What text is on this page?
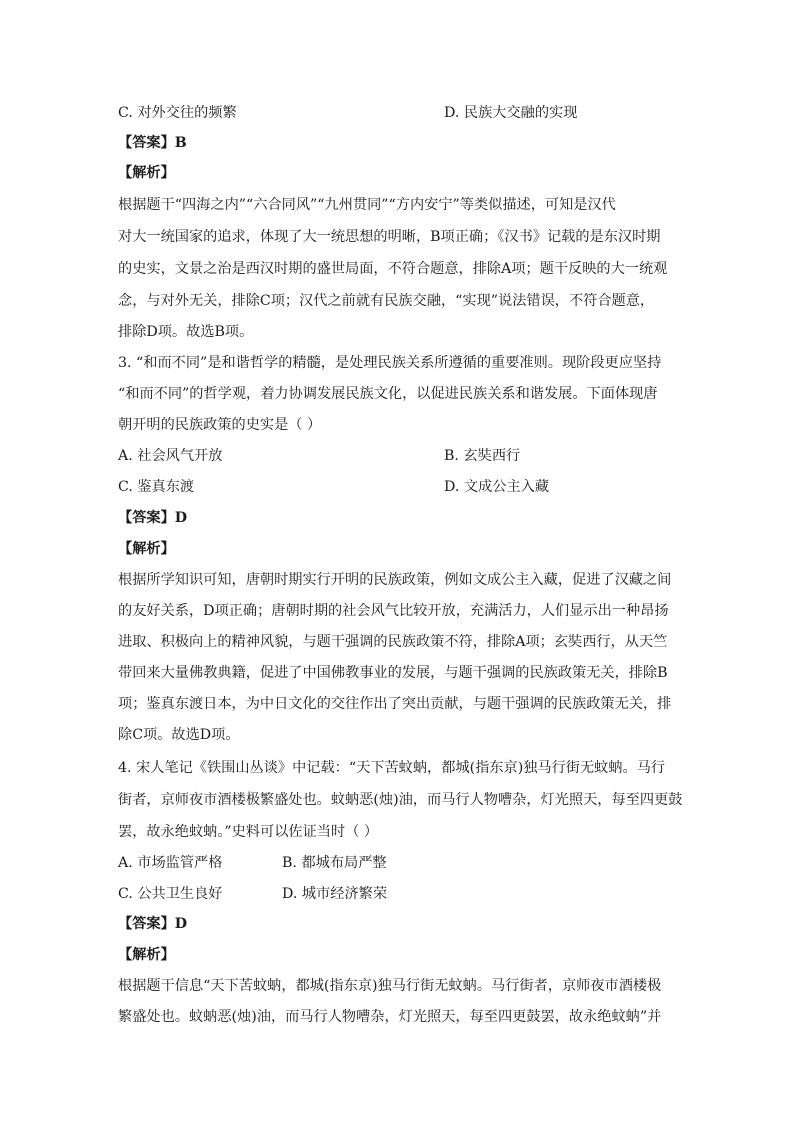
C. 对外交往的频繁	D. 民族大交融的实现
【答案】B
【解析】
根据题干“四海之内”“六合同风”“九州贯同”“方内安宁”等类似描述，可知是汉代
对大一统国家的追求，体现了大一统思想的明晰，B项正确；《汉书》记载的是东汉时期
的史实，文景之治是西汉时期的盛世局面，不符合题意，排除A项；题干反映的大一统观
念，与对外无关，排除C项；汉代之前就有民族交融，“实现”说法错误，不符合题意，
排除D项。故选B项。
3. “和而不同”是和谐哲学的精髓，是处理民族关系所遵循的重要准则。现阶段更应坚持
“和而不同”的哲学观，着力协调发展民族文化，以促进民族关系和谐发展。下面体现唐
朝开明的民族政策的史实是（ ）
A. 社会风气开放	B. 玄奘西行
C. 鉴真东渡	D. 文成公主入藏
【答案】D
【解析】
根据所学知识可知，唐朝时期实行开明的民族政策，例如文成公主入藏，促进了汉藏之间
的友好关系，D项正确；唐朝时期的社会风气比较开放，充满活力，人们显示出一种昂扬
进取、积极向上的精神风貌，与题干强调的民族政策不符，排除A项；玄奘西行，从天竺
带回来大量佛教典籍，促进了中国佛教事业的发展，与题干强调的民族政策无关，排除B
项；鉴真东渡日本，为中日文化的交往作出了突出贡献，与题干强调的民族政策无关，排
除C项。故选D项。
4. 宋人笔记《铁围山丛谈》中记载：“天下苦蚊蚋，都城(指东京)独马行街无蚊蚋。马行
街者，京师夜市酒楼极繁盛处也。蚊蚋恶(烛)油，而马行人物嘈杂，灯光照天，每至四更鼓
罢，故永绝蚊蚋。”史料可以佐证当时（ ）
A. 市场监管严格	B. 都城布局严整
C. 公共卫生良好	D. 城市经济繁荣
【答案】D
【解析】
根据题干信息“天下苦蚊蚋，都城(指东京)独马行街无蚊蚋。马行街者，京师夜市酒楼极
繁盛处也。蚊蚋恶(烛)油，而马行人物嘈杂，灯光照天，每至四更鼓罢，故永绝蚊蚋”并
